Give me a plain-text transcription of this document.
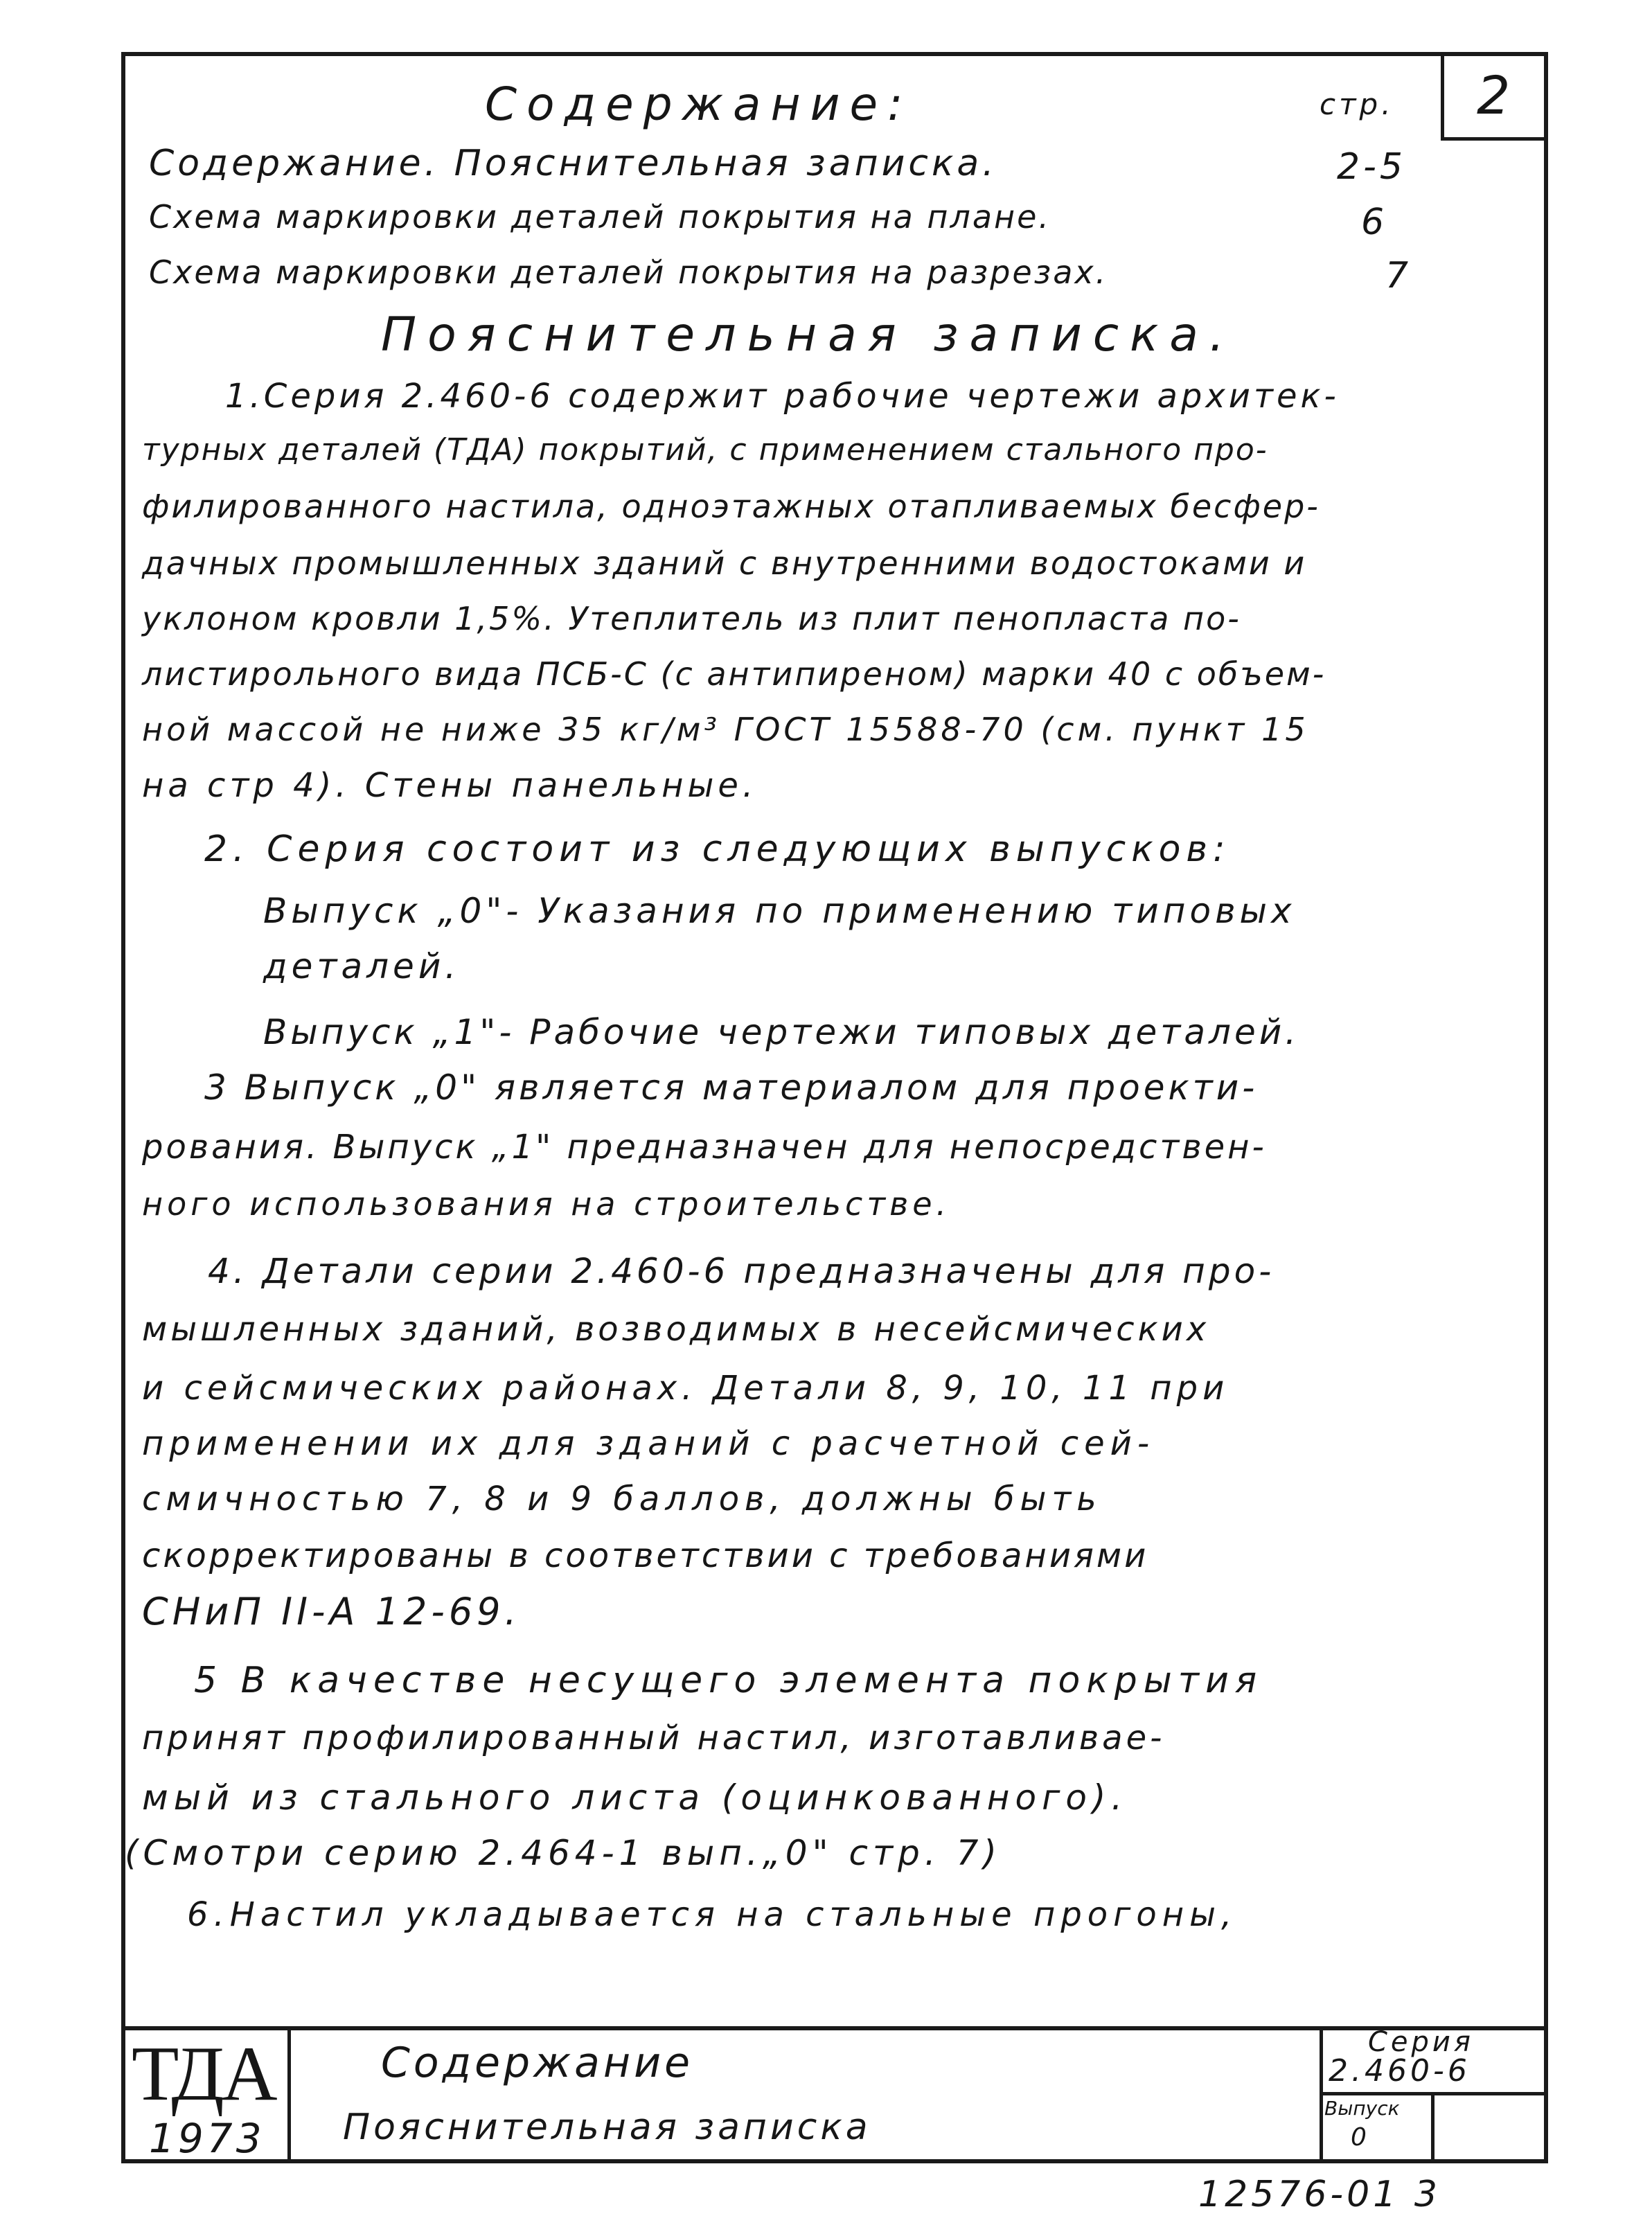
стр. 2
Содержание:
Содержание. Пояснительная записка.	2-5
Схема маркировки деталей покрытия на плане.	6
Схема маркировки деталей покрытия на разрезах.	7
Пояснительная записка.
1.Серия 2.460-6 содержит рабочие чертежи архитек-
турных деталей (ТДА) покрытий, с применением стального про-
филированного настила, одноэтажных отапливаемых бесфер-
дачных промышленных зданий с внутренними водостоками и
уклоном кровли 1,5%. Утеплитель из плит пенопласта по-
листирольного вида ПСБ-С (с антипиреном) марки 40 с объем-
ной массой не ниже 35 кг/м³ ГОСТ 15588-70 (см. пункт 15
на стр 4). Стены панельные.
2. Серия состоит из следующих выпусков:
Выпуск „0"- Указания по применению типовых
деталей.
Выпуск „1"- Рабочие чертежи типовых деталей.
3 Выпуск „0" является материалом для проекти-
рования. Выпуск „1" предназначен для непосредствен-
ного использования на строительстве.
4. Детали серии 2.460-6 предназначены для про-
мышленных зданий, возводимых в несейсмических
и сейсмических районах. Детали 8, 9, 10, 11 при
применении их для зданий с расчетной сей-
смичностью 7, 8 и 9 баллов, должны быть
скорректированы в соответствии с требованиями
СНиП II-А 12-69.
5 В качестве несущего элемента покрытия
принят профилированный настил, изготавливае-
мый из стального листа (оцинкованного).
(Смотри серию 2.464-1 вып.„0" стр. 7)
6.Настил укладывается на стальные прогоны,
ТДА
1973
Содержание
Пояснительная записка
Серия
2.460-6
Выпуск
0
12576-01 3
